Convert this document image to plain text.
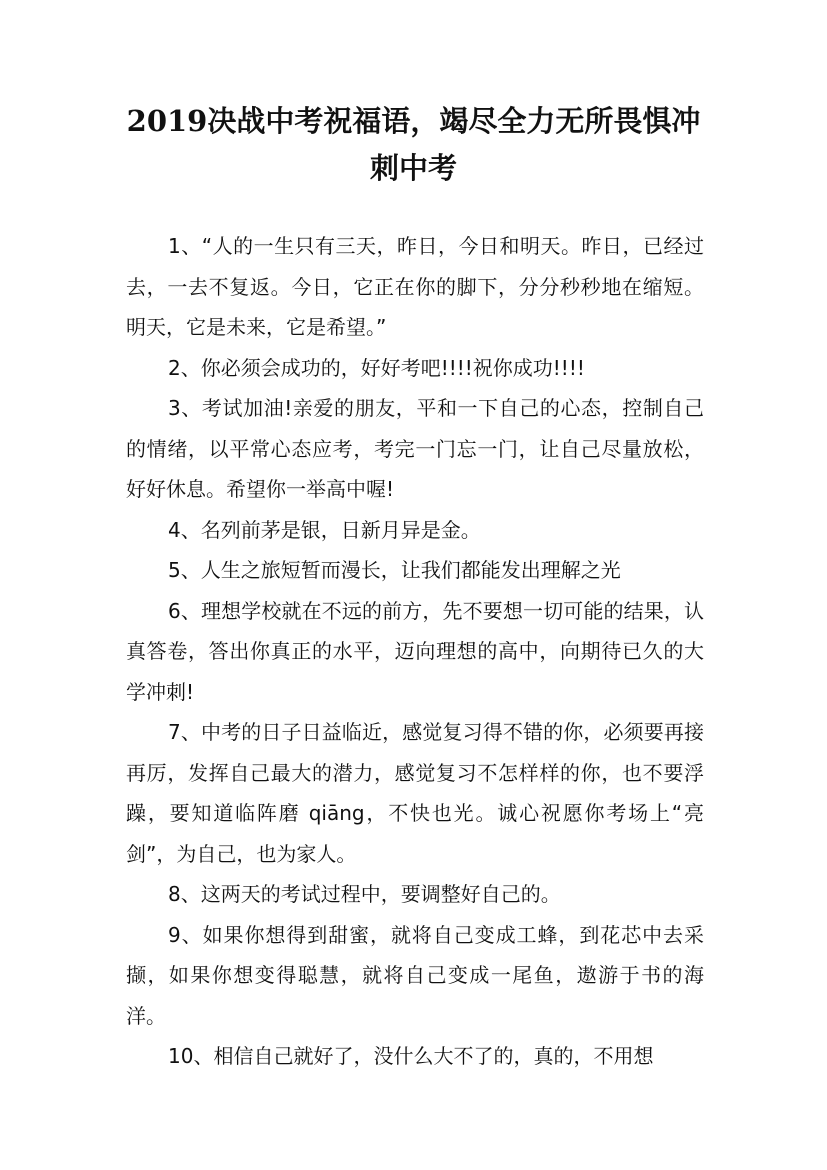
2019决战中考祝福语，竭尽全力无所畏惧冲
刺中考

1、“人的一生只有三天，昨日，今日和明天。昨日，已经过去，一去不复返。今日，它正在你的脚下，分分秒秒地在缩短。明天，它是未来，它是希望。”

2、你必须会成功的，好好考吧!!!!祝你成功!!!!

3、考试加油!亲爱的朋友，平和一下自己的心态，控制自己的情绪，以平常心态应考，考完一门忘一门，让自己尽量放松，好好休息。希望你一举高中喔!

4、名列前茅是银，日新月异是金。

5、人生之旅短暂而漫长，让我们都能发出理解之光

6、理想学校就在不远的前方，先不要想一切可能的结果，认真答卷，答出你真正的水平，迈向理想的高中，向期待已久的大学冲刺!

7、中考的日子日益临近，感觉复习得不错的你，必须要再接再厉，发挥自己最大的潜力，感觉复习不怎样样的你，也不要浮躁，要知道临阵磨 qiāng，不快也光。诚心祝愿你考场上“亮剑”，为自己，也为家人。

8、这两天的考试过程中，要调整好自己的。

9、如果你想得到甜蜜，就将自己变成工蜂，到花芯中去采撷，如果你想变得聪慧，就将自己变成一尾鱼，遨游于书的海洋。

10、相信自己就好了，没什么大不了的，真的，不用想
